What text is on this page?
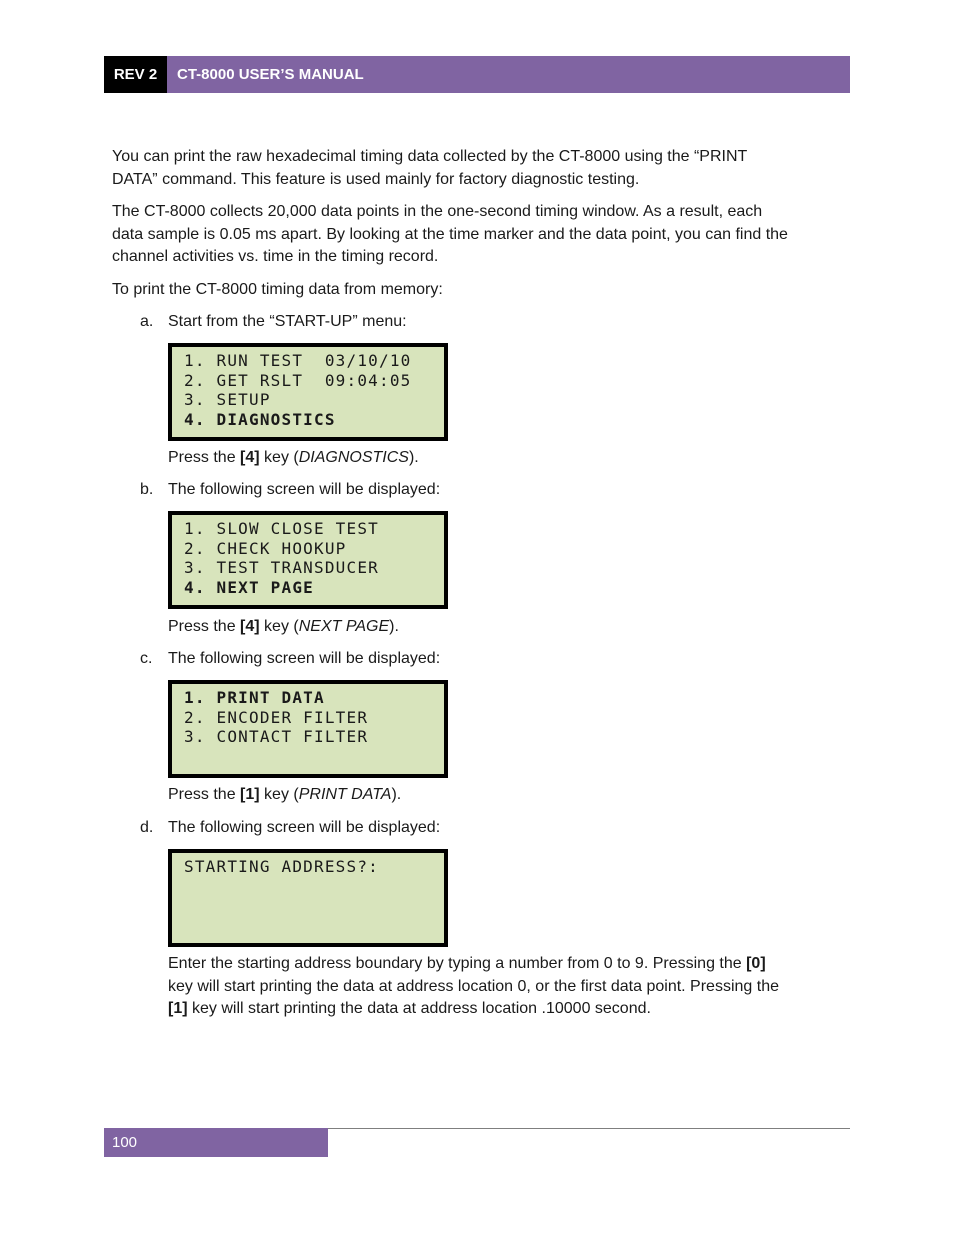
REV 2	CT-8000 USER’S MANUAL
You can print the raw hexadecimal timing data collected by the CT-8000 using the “PRINT
DATA” command. This feature is used mainly for factory diagnostic testing.
The CT-8000 collects 20,000 data points in the one-second timing window. As a result, each
data sample is 0.05 ms apart. By looking at the time marker and the data point, you can find the
channel activities vs. time in the timing record.
To print the CT-8000 timing data from memory:
a. Start from the “START-UP” menu:
1. RUN TEST  03/10/10
2. GET RSLT  09:04:05
3. SETUP
4. DIAGNOSTICS
Press the [4] key (DIAGNOSTICS).
b. The following screen will be displayed:
1. SLOW CLOSE TEST
2. CHECK HOOKUP
3. TEST TRANSDUCER
4. NEXT PAGE
Press the [4] key (NEXT PAGE).
c. The following screen will be displayed:
1. PRINT DATA
2. ENCODER FILTER
3. CONTACT FILTER
Press the [1] key (PRINT DATA).
d. The following screen will be displayed:
STARTING ADDRESS?:
Enter the starting address boundary by typing a number from 0 to 9. Pressing the [0]
key will start printing the data at address location 0, or the first data point. Pressing the
[1] key will start printing the data at address location .10000 second.
100
